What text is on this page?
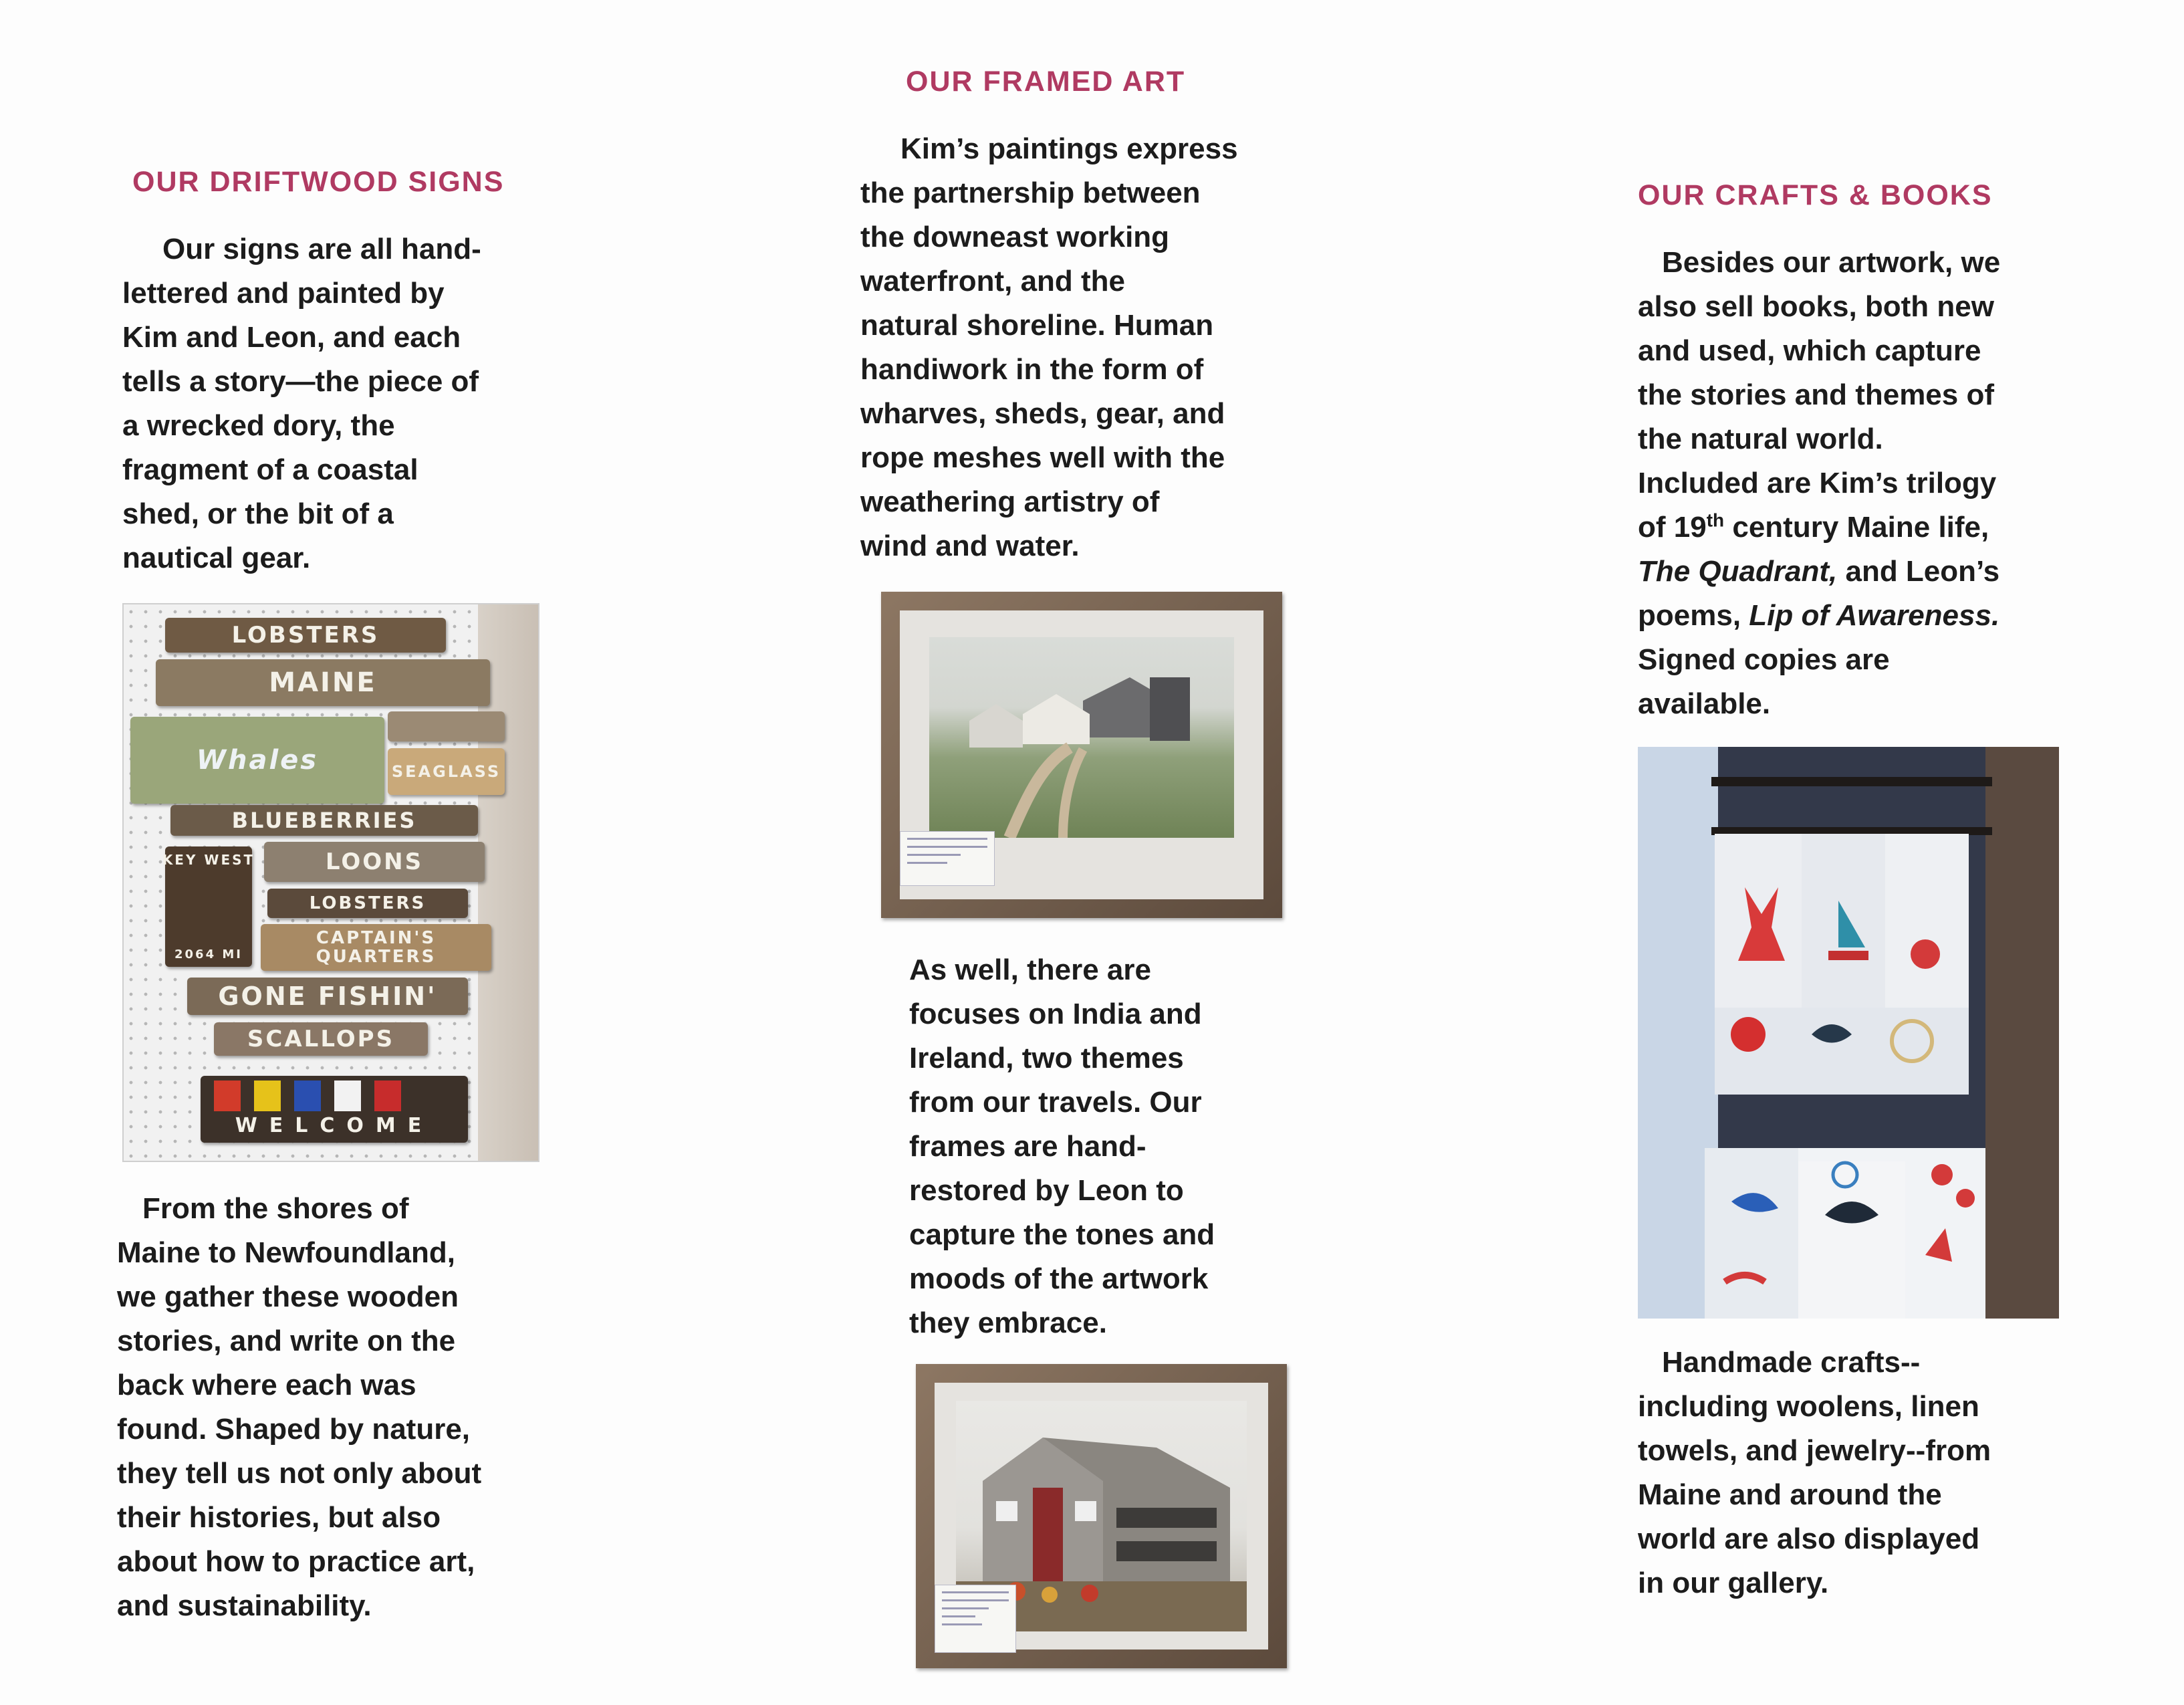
OUR DRIFTWOOD SIGNS

Our signs are all hand-
lettered and painted by
Kim and Leon, and each
tells a story—the piece of
a wrecked dory, the
fragment of a coastal
shed, or the bit of a
nautical gear.

LOBSTERS
MAINE
Whales	SEAGLASS
BLUEBERRIES
KEY WEST
2064 MI
LOONS
LOBSTERS
CAPTAIN'S QUARTERS
GONE FISHIN'
SCALLOPS
WELCOME

From the shores of
Maine to Newfoundland,
we gather these wooden
stories, and write on the
back where each was
found. Shaped by nature,
they tell us not only about
their histories, but also
about how to practice art,
and sustainability.

OUR FRAMED ART

Kim’s paintings express
the partnership between
the downeast working
waterfront, and the
natural shoreline. Human
handiwork in the form of
wharves, sheds, gear, and
rope meshes well with the
weathering artistry of
wind and water.

As well, there are
focuses on India and
Ireland, two themes
from our travels. Our
frames are hand-
restored by Leon to
capture the tones and
moods of the artwork
they embrace.

OUR CRAFTS & BOOKS

Besides our artwork, we
also sell books, both new
and used, which capture
the stories and themes of
the natural world.
Included are Kim’s trilogy
of 19th century Maine life,
The Quadrant, and Leon’s
poems, Lip of Awareness.
Signed copies are
available.

Handmade crafts--
including woolens, linen
towels, and jewelry--from
Maine and around the
world are also displayed
in our gallery.
